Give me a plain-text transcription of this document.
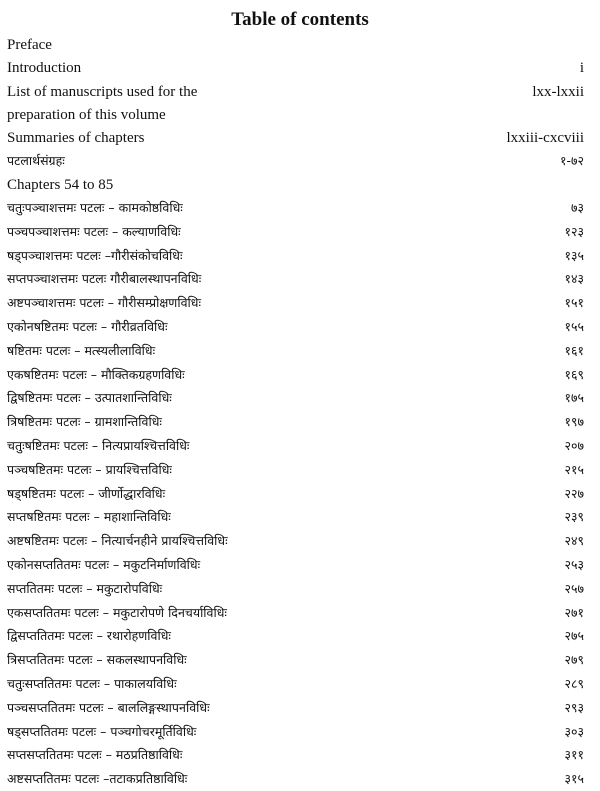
Table of contents
Preface
Introduction	i
List of manuscripts used for the	lxx-lxxii
preparation of this volume
Summaries of chapters	lxxiii-cxcviii
पटलार्थसंग्रहः	१-७२
Chapters 54 to 85
चतुःपञ्चाशत्तमः पटलः – कामकोष्ठविधिः	७३
पञ्चपञ्चाशत्तमः पटलः – कल्याणविधिः	१२३
षड्पञ्चाशत्तमः पटलः –गौरीसंकोचविधिः	१३५
सप्तपञ्चाशत्तमः पटलः गौरीबालस्थापनविधिः	१४३
अष्टपञ्चाशत्तमः पटलः – गौरीसम्प्रोक्षणविधिः	१५१
एकोनषष्टितमः पटलः – गौरीव्रतविधिः	१५५
षष्टितमः पटलः – मत्स्यलीलाविधिः	१६१
एकषष्टितमः पटलः – मौक्तिकग्रहणविधिः	१६९
द्विषष्टितमः पटलः – उत्पातशान्तिविधिः	१७५
त्रिषष्टितमः पटलः – ग्रामशान्तिविधिः	१९७
चतुःषष्टितमः पटलः – नित्यप्रायश्चित्तविधिः	२०७
पञ्चषष्टितमः पटलः – प्रायश्चित्तविधिः	२१५
षड्षष्टितमः पटलः – जीर्णोद्धारविधिः	२२७
सप्तषष्टितमः पटलः – महाशान्तिविधिः	२३९
अष्टषष्टितमः पटलः – नित्यार्चनहीने प्रायश्चित्तविधिः	२४९
एकोनसप्ततितमः पटलः – मकुटनिर्माणविधिः	२५३
सप्ततितमः पटलः – मकुटारोपविधिः	२५७
एकसप्ततितमः पटलः – मकुटारोपणे दिनचर्याविधिः	२७१
द्विसप्ततितमः पटलः – रथारोहणविधिः	२७५
त्रिसप्ततितमः पटलः – सकलस्थापनविधिः	२७९
चतुःसप्ततितमः पटलः – पाकालयविधिः	२८९
पञ्चसप्ततितमः पटलः – बाललिङ्गस्थापनविधिः	२९३
षड्सप्ततितमः पटलः – पञ्चगोचरमूर्तिविधिः	३०३
सप्तसप्ततितमः पटलः – मठप्रतिष्ठाविधिः	३११
अष्टसप्ततितमः पटलः –तटाकप्रतिष्ठाविधिः	३१५
